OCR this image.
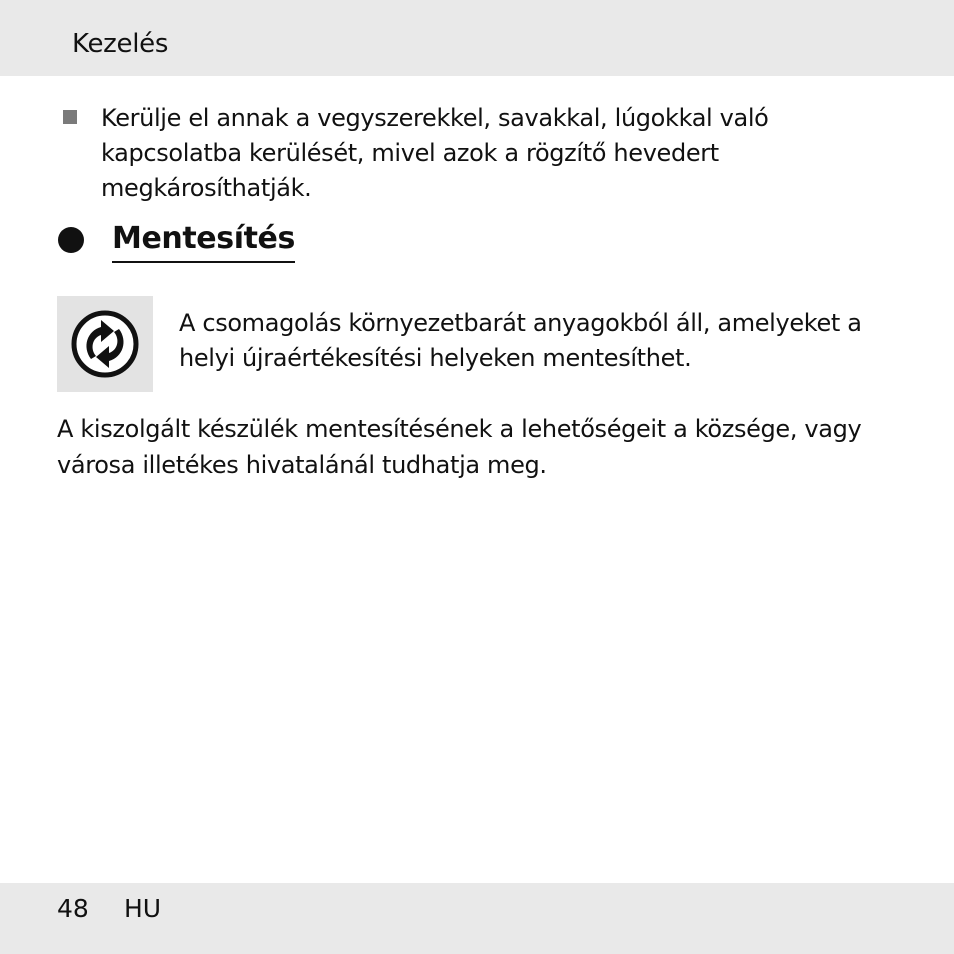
Kezelés
Kerülje el annak a vegyszerekkel, savakkal, lúgokkal való kapcsolatba kerülését, mivel azok a rögzítő hevedert megkárosíthatják.
Mentesítés
A csomagolás környezetbarát anyagokból áll, amelyeket a helyi újraértékesítési helyeken mentesíthet.
A kiszolgált készülék mentesítésének a lehetőségeit a községe, vagy városa illetékes hivatalánál tudhatja meg.
48 HU
